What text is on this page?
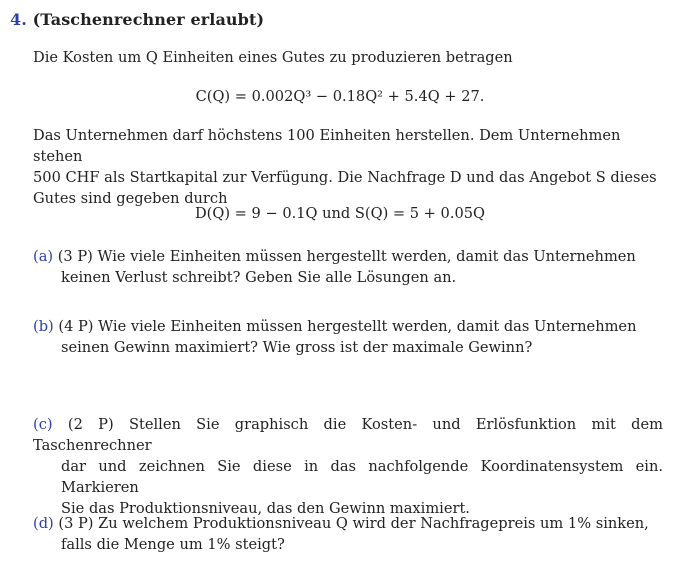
4. (Taschenrechner erlaubt)
Die Kosten um Q Einheiten eines Gutes zu produzieren betragen
C(Q) = 0.002Q³ − 0.18Q² + 5.4Q + 27.
Das Unternehmen darf höchstens 100 Einheiten herstellen. Dem Unternehmen stehen
500 CHF als Startkapital zur Verfügung. Die Nachfrage D und das Angebot S dieses
Gutes sind gegeben durch
D(Q) = 9 − 0.1Q und S(Q) = 5 + 0.05Q
(a) (3 P) Wie viele Einheiten müssen hergestellt werden, damit das Unternehmen
keinen Verlust schreibt? Geben Sie alle Lösungen an.
(b) (4 P) Wie viele Einheiten müssen hergestellt werden, damit das Unternehmen
seinen Gewinn maximiert? Wie gross ist der maximale Gewinn?
(c) (2 P) Stellen Sie graphisch die Kosten- und Erlösfunktion mit dem Taschenrechner
dar und zeichnen Sie diese in das nachfolgende Koordinatensystem ein. Markieren
Sie das Produktionsniveau, das den Gewinn maximiert.
(d) (3 P) Zu welchem Produktionsniveau Q wird der Nachfragepreis um 1% sinken,
falls die Menge um 1% steigt?
